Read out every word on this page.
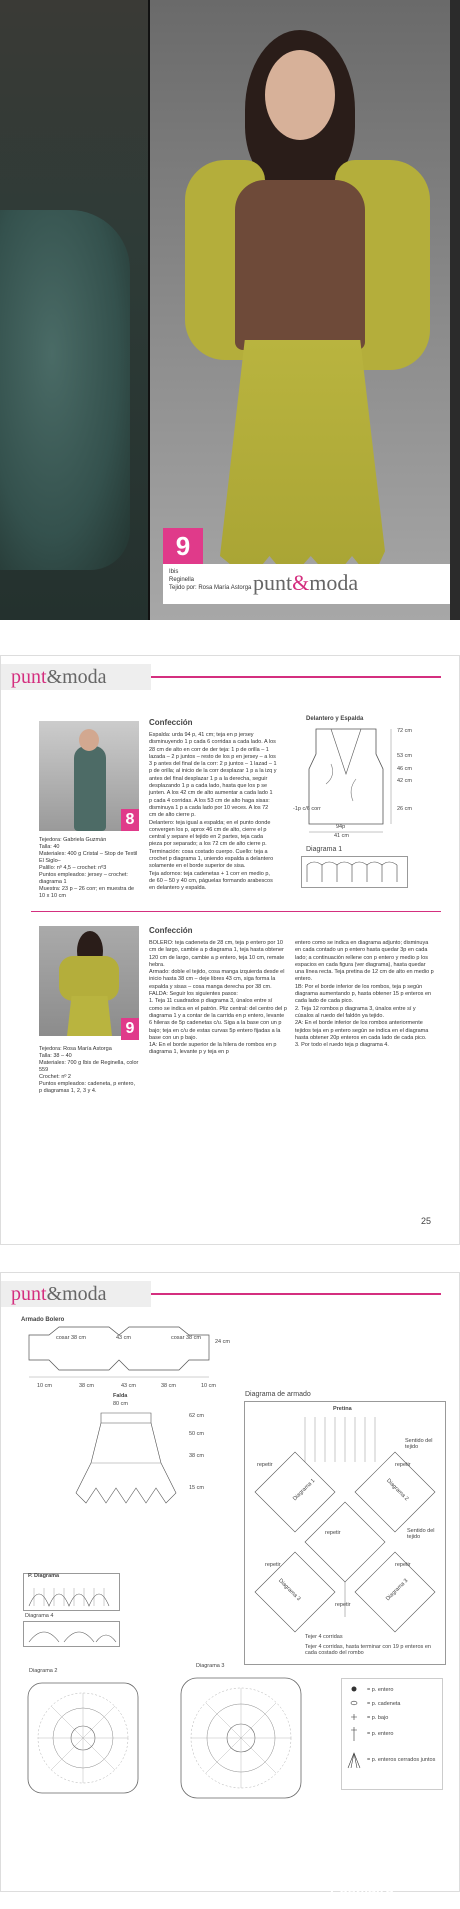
9
Ibis
Reginella
Tejido por: Rosa María Astorga punt&moda
punt&moda
8
Tejedora: Gabriela Guzmán
Talla: 40
Materiales: 400 g Cristal – Stop de Textil El Siglo–
Palillo: nº 4,5 – crochet: nº3
Puntos empleados: jersey – crochet: diagrama 1
Muestra: 23 p – 26 corr; en muestra de 10 x 10 cm
Confección
Espalda: urda 94 p, 41 cm; teja en p jersey disminuyendo 1 p cada 6 corridas a cada lado. A los 28 cm de alto en corr de der teja: 1 p de orilla – 1 lazada – 2 p juntos – resto de los p en jersey – a los 3 p antes del final de la corr: 2 p juntos – 1 lazad – 1 p de orilla; al inicio de la corr desplazar 1 p a la izq y antes del final desplazar 1 p a la derecha, seguir desplazando 1 p a cada lado, hasta que los p se junten. A los 42 cm de alto aumentar a cada lado 1 p cada 4 corridas. A los 53 cm de alto haga sisas: disminuya 1 p a cada lado por 10 veces. A los 72 cm de alto cierre p.
Delantero: teja igual a espalda; en el punto donde convergen los p, aprox 46 cm de alto, cierre el p central y separe el tejido en 2 partes, teja cada pieza por separado; a los 72 cm de alto cierre p.
Terminación: cosa costado cuerpo. Cuello: teja a crochet p diagrama 1, uniendo espalda a delantero solamente en el borde superior de sisa.
Teja adornos: teja cadenetas + 1 corr en medio p, de 60 – 50 y 40 cm, páguelas formando arabescos en delantero y espalda.
Delantero y Espalda
72 cm
53 cm
46 cm
42 cm
26 cm
-1p c/6 corr
94p
41 cm
Diagrama 1
9
Tejedora: Rosa María Astorga
Talla: 38 – 40
Materiales: 700 g Ibis de Reginella, color 559
Crochet: nº 2
Puntos empleados: cadeneta, p entero, p diagramas 1, 2, 3 y 4.
Confección
BOLERO: teja cadeneta de 28 cm, teja p entero por 10 cm de largo, cambie a p diagrama 1, teja hasta obtener 120 cm de largo, cambie a p entero, teja 10 cm, remate hebra.
Armado: doble el tejido, cosa manga izquierda desde el inicio hasta 38 cm – deje libres 43 cm, siga forma la espalda y sisas – cosa manga derecha por 38 cm.
FALDA: Seguir los siguientes pasos:
1. Teja 11 cuadrados p diagrama 3, únalos entre sí como se indica en el patrón. Pliz central: del centro del p diagrama 1 y a contar de la carrida en p entero, levante 6 hileras de 5p cadenetas c/u. Siga a la base con un p bajo; teja en c/u de estas curvas 5p entero fijadas a la base con un p bajo.
1A: En el borde superior de la hilera de rombos en p diagrama 1, levante p y teja en p
entero como se indica en diagrama adjunto; disminuya en cada contado un p entero hasta quedar 3p en cada lado; a continuación rellene con p entero y medio p los espacios en cada figura (ver diagrama), hasta quedar una línea recta. Teja pretina de 12 cm de alto en medio p entero.
1B: Por el borde inferior de los rombos, teja p según diagrama aumentando p, hasta obtener 15 p enteros en cada lado de cada pico.
2. Teja 12 rombos p diagrama 3, únalos entre sí y cúsalos al ruedo del faldón ya tejido.
2A: En el borde inferior de los rombos anteriormente tejidos teja en p entero según se indica en el diagrama hasta obtener 20p enteros en cada lado de cada pico.
3. Por todo el ruedo teja p diagrama 4.
25
punt&moda
Armado Bolero
cosar 38 cm	43 cm	cosar 38 cm
24 cm
10 cm	38 cm	43 cm	38 cm	10 cm
Falda
80 cm
62 cm
50 cm
38 cm
15 cm
Diagrama de armado
Pretina
repetir	repetir
repetir
repetir	repetir
repetir
Diagrama 1	Diagrama 2
Diagrama 3	Diagrama 3
Sentido del tejido
Sentido del tejido
Tejer 4 corridas
Tejer 4 corridas, hasta terminar con 19 p enteros en cada costado del rombo
P. Diagrama
Diagrama 4
Diagrama 2
Diagrama 3
= p. entero
= p. cadeneta
= p. bajo
= p. entero
= p. enteros cerrados juntos
Postila.ru
